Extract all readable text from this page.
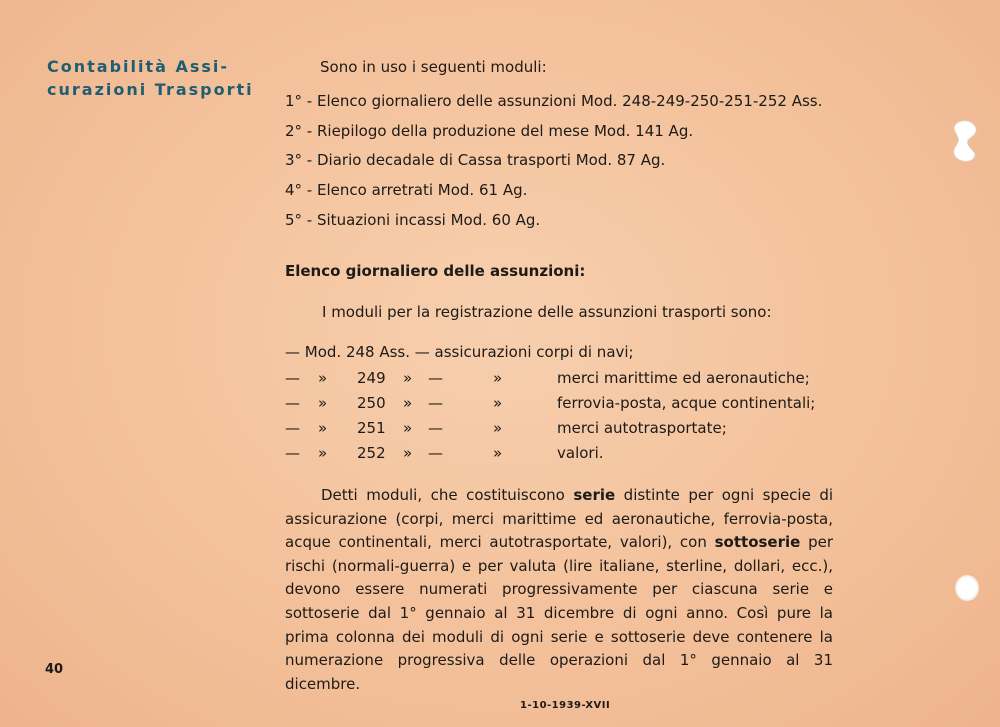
Contabilità Assi-
curazioni Trasporti
Sono in uso i seguenti moduli:
1° - Elenco giornaliero delle assunzioni Mod. 248-249-250-251-252 Ass.
2° - Riepilogo della produzione del mese Mod. 141 Ag.
3° - Diario decadale di Cassa trasporti Mod. 87 Ag.
4° - Elenco arretrati Mod. 61 Ag.
5° - Situazioni incassi Mod. 60 Ag.
Elenco giornaliero delle assunzioni:
I moduli per la registrazione delle assunzioni trasporti sono:
— Mod. 248 Ass. — assicurazioni corpi di navi;
— » 249 » —	»	merci marittime ed aeronautiche;
— » 250 » —	»	ferrovia-posta, acque continentali;
— » 251 » —	»	merci autotrasportate;
— » 252 » —	»	valori.
Detti moduli, che costituiscono serie distinte per ogni specie di assicurazione (corpi, merci marittime ed aeronautiche, ferrovia-posta, acque continentali, merci autotrasportate, valori), con sottoserie per rischi (normali-guerra) e per valuta (lire italiane, sterline, dollari, ecc.), devono essere numerati progressivamente per ciascuna serie e sottoserie dal 1° gennaio al 31 dicembre di ogni anno. Così pure la prima colonna dei moduli di ogni serie e sottoserie deve contenere la numerazione progressiva delle operazioni dal 1° gennaio al 31 dicembre.
40
1-10-1939-XVII
